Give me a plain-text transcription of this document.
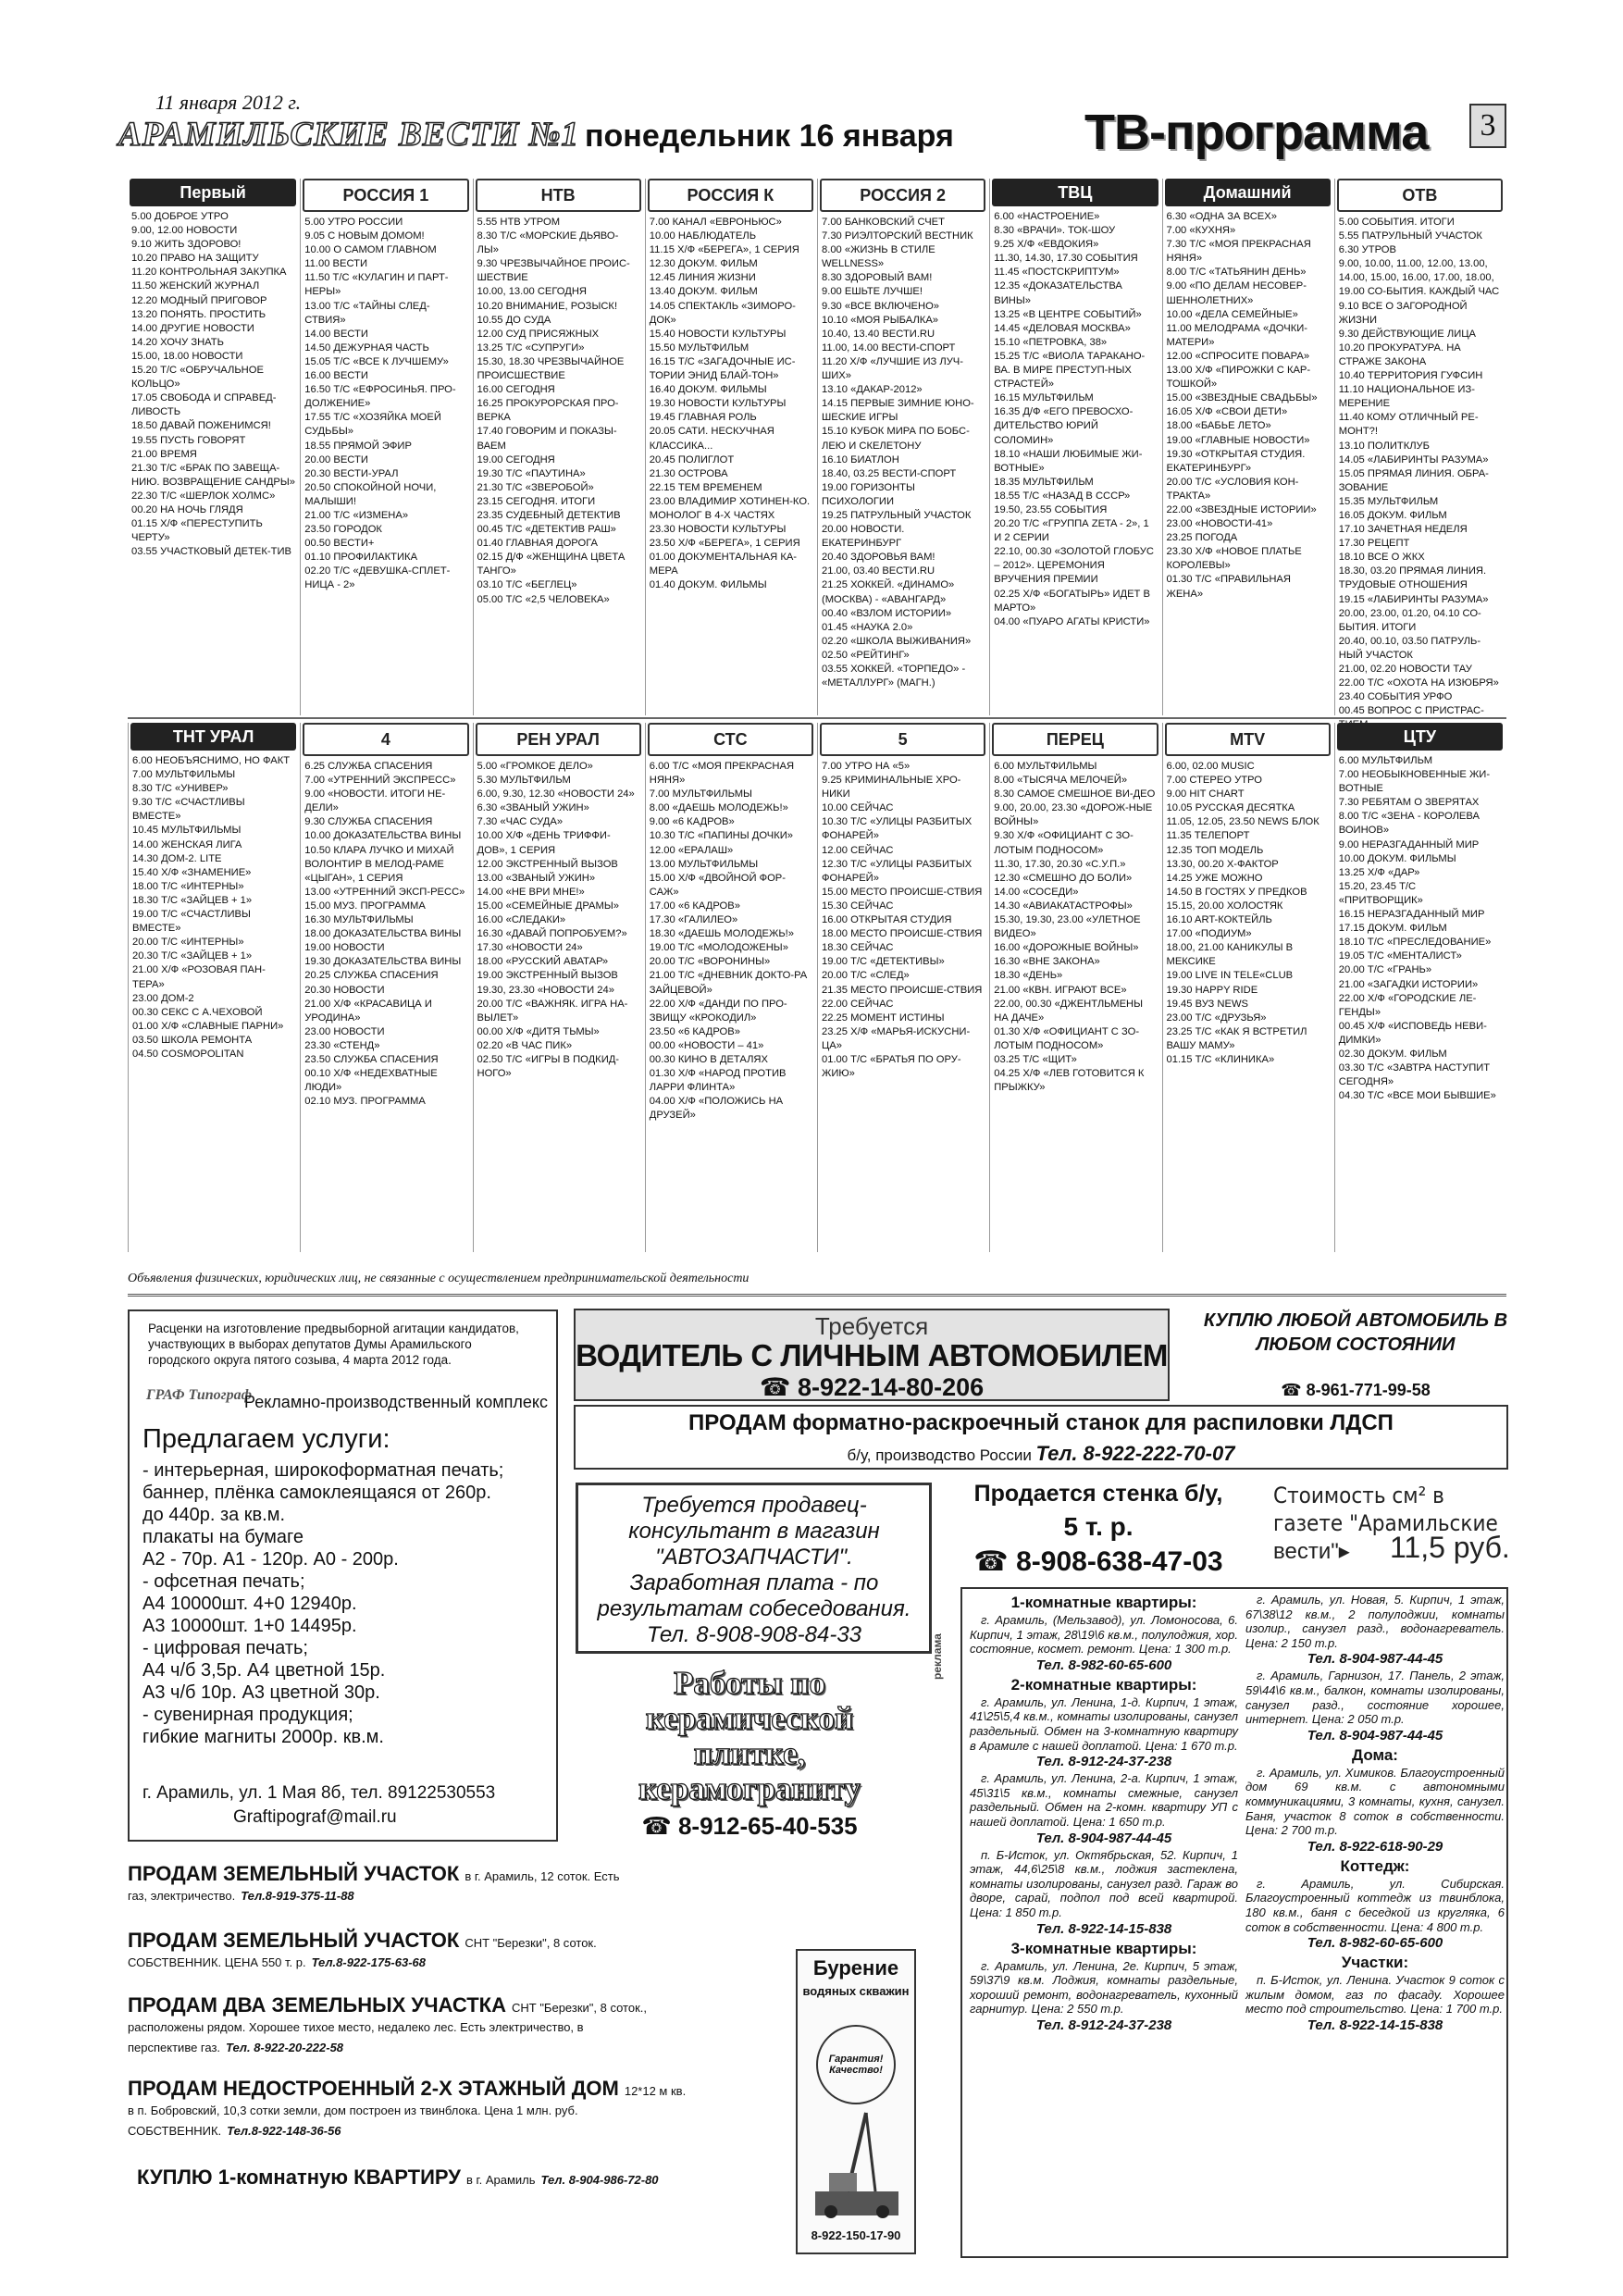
11 января 2012 г.
АРАМИЛЬСКИЕ ВЕСТИ №1 понедельник 16 января	ТВ-программа	3
Первый
5.00 ДОБРОЕ УТРО
9.00, 12.00 НОВОСТИ
9.10 ЖИТЬ ЗДОРОВО!
10.20 ПРАВО НА ЗАЩИТУ
11.20 КОНТРОЛЬНАЯ ЗАКУПКА
11.50 ЖЕНСКИЙ ЖУРНАЛ
12.20 МОДНЫЙ ПРИГОВОР
13.20 ПОНЯТЬ. ПРОСТИТЬ
14.00 ДРУГИЕ НОВОСТИ
14.20 ХОЧУ ЗНАТЬ
15.00, 18.00 НОВОСТИ
15.20 Т/С «ОБРУЧАЛЬНОЕ КОЛЬЦО»
17.05 СВОБОДА И СПРАВЕД-ЛИВОСТЬ
18.50 ДАВАЙ ПОЖЕНИМСЯ!
19.55 ПУСТЬ ГОВОРЯТ
21.00 ВРЕМЯ
21.30 Т/С «БРАК ПО ЗАВЕЩА-НИЮ. ВОЗВРАЩЕНИЕ САНДРЫ»
22.30 Т/С «ШЕРЛОК ХОЛМС»
00.20 НА НОЧЬ ГЛЯДЯ
01.15 Х/Ф «ПЕРЕСТУПИТЬ ЧЕРТУ»
03.55 УЧАСТКОВЫЙ ДЕТЕК-ТИВ
РОССИЯ 1
5.00 УТРО РОССИИ
9.05 С НОВЫМ ДОМОМ!
10.00 О САМОМ ГЛАВНОМ
11.00 ВЕСТИ
11.50 Т/С «КУЛАГИН И ПАРТ-НЕРЫ»
13.00 Т/С «ТАЙНЫ СЛЕД-СТВИЯ»
14.00 ВЕСТИ
14.50 ДЕЖУРНАЯ ЧАСТЬ
15.05 Т/С «ВСЕ К ЛУЧШЕМУ»
16.00 ВЕСТИ
16.50 Т/С «ЕФРОСИНЬЯ. ПРО-ДОЛЖЕНИЕ»
17.55 Т/С «ХОЗЯЙКА МОЕЙ СУДЬБЫ»
18.55 ПРЯМОЙ ЭФИР
20.00 ВЕСТИ
20.30 ВЕСТИ-УРАЛ
20.50 СПОКОЙНОЙ НОЧИ, МАЛЫШИ!
21.00 Т/С «ИЗМЕНА»
23.50 ГОРОДОК
00.50 ВЕСТИ+
01.10 ПРОФИЛАКТИКА
02.20 Т/С «ДЕВУШКА-СПЛЕТ-НИЦА - 2»
НТВ
5.55 НТВ УТРОМ
8.30 Т/С «МОРСКИЕ ДЬЯВО-ЛЫ»
9.30 ЧРЕЗВЫЧАЙНОЕ ПРОИС-ШЕСТВИЕ
10.00, 13.00 СЕГОДНЯ
10.20 ВНИМАНИЕ, РОЗЫСК!
10.55 ДО СУДА
12.00 СУД ПРИСЯЖНЫХ
13.25 Т/С «СУПРУГИ»
15.30, 18.30 ЧРЕЗВЫЧАЙНОЕ ПРОИСШЕСТВИЕ
16.00 СЕГОДНЯ
16.25 ПРОКУРОРСКАЯ ПРО-ВЕРКА
17.40 ГОВОРИМ И ПОКАЗЫ-ВАЕМ
19.00 СЕГОДНЯ
19.30 Т/С «ПАУТИНА»
21.30 Т/С «ЗВЕРОБОЙ»
23.15 СЕГОДНЯ. ИТОГИ
23.35 СУДЕБНЫЙ ДЕТЕКТИВ
00.45 Т/С «ДЕТЕКТИВ РАШ»
01.40 ГЛАВНАЯ ДОРОГА
02.15 Д/Ф «ЖЕНЩИНА ЦВЕТА ТАНГО»
03.10 Т/С «БЕГЛЕЦ»
05.00 Т/С «2,5 ЧЕЛОВЕКА»
РОССИЯ К
7.00 КАНАЛ «ЕВРОНЬЮС»
10.00 НАБЛЮДАТЕЛЬ
11.15 Х/Ф «БЕРЕГА», 1 СЕРИЯ
12.30 ДОКУМ. ФИЛЬМ
12.45 ЛИНИЯ ЖИЗНИ
13.40 ДОКУМ. ФИЛЬМ
14.05 СПЕКТАКЛЬ «ЗИМОРО-ДОК»
15.40 НОВОСТИ КУЛЬТУРЫ
15.50 МУЛЬТФИЛЬМ
16.15 Т/С «ЗАГАДОЧНЫЕ ИС-ТОРИИ ЭНИД БЛАЙ-ТОН»
16.40 ДОКУМ. ФИЛЬМЫ
19.30 НОВОСТИ КУЛЬТУРЫ
19.45 ГЛАВНАЯ РОЛЬ
20.05 САТИ. НЕСКУЧНАЯ КЛАССИКА...
20.45 ПОЛИГЛОТ
21.30 ОСТРОВА
22.15 ТЕМ ВРЕМЕНЕМ
23.00 ВЛАДИМИР ХОТИНЕН-КО. МОНОЛОГ В 4-Х ЧАСТЯХ
23.30 НОВОСТИ КУЛЬТУРЫ
23.50 Х/Ф «БЕРЕГА», 1 СЕРИЯ
01.00 ДОКУМЕНТАЛЬНАЯ КА-МЕРА
01.40 ДОКУМ. ФИЛЬМЫ
РОССИЯ 2
7.00 БАНКОВСКИЙ СЧЕТ
7.30 РИЭЛТОРСКИЙ ВЕСТНИК
8.00 «ЖИЗНЬ В СТИЛЕ WELLNESS»
8.30 ЗДОРОВЫЙ ВАМ!
9.00 ЕШЬТЕ ЛУЧШЕ!
9.30 «ВСЕ ВКЛЮЧЕНО»
10.10 «МОЯ РЫБАЛКА»
10.40, 13.40 ВЕСТИ.RU
11.00, 14.00 ВЕСТИ-СПОРТ
11.20 Х/Ф «ЛУЧШИЕ ИЗ ЛУЧ-ШИХ»
13.10 «ДАКАР-2012»
14.15 ПЕРВЫЕ ЗИМНИЕ ЮНО-ШЕСКИЕ ИГРЫ
15.10 КУБОК МИРА ПО БОБС-ЛЕЮ И СКЕЛЕТОНУ
16.10 БИАТЛОН
18.40, 03.25 ВЕСТИ-СПОРТ
19.00 ГОРИЗОНТЫ ПСИХОЛОГИИ
19.25 ПАТРУЛЬНЫЙ УЧАСТОК
20.00 НОВОСТИ. ЕКАТЕРИНБУРГ
20.40 ЗДОРОВЬЯ ВАМ!
21.00, 03.40 ВЕСТИ.RU
21.25 ХОККЕЙ. «ДИНАМО» (МОСКВА) - «АВАНГАРД»
00.40 «ВЗЛОМ ИСТОРИИ»
01.45 «НАУКА 2.0»
02.20 «ШКОЛА ВЫЖИВАНИЯ»
02.50 «РЕЙТИНГ»
03.55 ХОККЕЙ. «ТОРПЕДО» - «МЕТАЛЛУРГ» (МАГН.)
ТВЦ
6.00 «НАСТРОЕНИЕ»
8.30 «ВРАЧИ». ТОК-ШОУ
9.25 Х/Ф «ЕВДОКИЯ»
11.30, 14.30, 17.30 СОБЫТИЯ
11.45 «ПОСТСКРИПТУМ»
12.35 «ДОКАЗАТЕЛЬСТВА ВИНЫ»
13.25 «В ЦЕНТРЕ СОБЫТИЙ»
14.45 «ДЕЛОВАЯ МОСКВА»
15.10 «ПЕТРОВКА, 38»
15.25 Т/С «ВИОЛА ТАРАКАНО-ВА. В МИРЕ ПРЕСТУП-НЫХ СТРАСТЕЙ»
16.15 МУЛЬТФИЛЬМ
16.35 Д/Ф «ЕГО ПРЕВОСХО-ДИТЕЛЬСТВО ЮРИЙ СОЛОМИН»
18.10 «НАШИ ЛЮБИМЫЕ ЖИ-ВОТНЫЕ»
18.35 МУЛЬТФИЛЬМ
18.55 Т/С «НАЗАД В СССР»
19.50, 23.55 СОБЫТИЯ
20.20 Т/С «ГРУППА ZETA - 2», 1 И 2 СЕРИИ
22.10, 00.30 «ЗОЛОТОЙ ГЛОБУС – 2012». ЦЕРЕМОНИЯ ВРУЧЕНИЯ ПРЕМИИ
02.25 Х/Ф «БОГАТЫРЬ» ИДЕТ В МАРТО»
04.00 «ПУАРО АГАТЫ КРИСТИ»
Домашний
6.30 «ОДНА ЗА ВСЕХ»
7.00 «КУХНЯ»
7.30 Т/С «МОЯ ПРЕКРАСНАЯ НЯНЯ»
8.00 Т/С «ТАТЬЯНИН ДЕНЬ»
9.00 «ПО ДЕЛАМ НЕСОВЕР-ШЕННОЛЕТНИХ»
10.00 «ДЕЛА СЕМЕЙНЫЕ»
11.00 МЕЛОДРАМА «ДОЧКИ-МАТЕРИ»
12.00 «СПРОСИТЕ ПОВАРА»
13.00 Х/Ф «ПИРОЖКИ С КАР-ТОШКОЙ»
15.00 «ЗВЕЗДНЫЕ СВАДЬБЫ»
16.05 Х/Ф «СВОИ ДЕТИ»
18.00 «БАБЬЕ ЛЕТО»
19.00 «ГЛАВНЫЕ НОВОСТИ»
19.30 «ОТКРЫТАЯ СТУДИЯ. ЕКАТЕРИНБУРГ»
20.00 Т/С «УСЛОВИЯ КОН-ТРАКТА»
22.00 «ЗВЕЗДНЫЕ ИСТОРИИ»
23.00 «НОВОСТИ-41»
23.25 ПОГОДА
23.30 Х/Ф «НОВОЕ ПЛАТЬЕ КОРОЛЕВЫ»
01.30 Т/С «ПРАВИЛЬНАЯ ЖЕНА»
ОТВ
5.00 СОБЫТИЯ. ИТОГИ
5.55 ПАТРУЛЬНЫЙ УЧАСТОК
6.30 УТРОВ
9.00, 10.00, 11.00, 12.00, 13.00, 14.00, 15.00, 16.00, 17.00, 18.00, 19.00 СО-БЫТИЯ. КАЖДЫЙ ЧАС
9.10 ВСЕ О ЗАГОРОДНОЙ ЖИЗНИ
9.30 ДЕЙСТВУЮЩИЕ ЛИЦА
10.20 ПРОКУРАТУРА. НА СТРАЖЕ ЗАКОНА
10.40 ТЕРРИТОРИЯ ГУФСИН
11.10 НАЦИОНАЛЬНОЕ ИЗ-МЕРЕНИЕ
11.40 КОМУ ОТЛИЧНЫЙ РЕ-МОНТ?!
13.10 ПОЛИТКЛУБ
14.05 «ЛАБИРИНТЫ РАЗУМА»
15.05 ПРЯМАЯ ЛИНИЯ. ОБРА-ЗОВАНИЕ
15.35 МУЛЬТФИЛЬМ
16.05 ДОКУМ. ФИЛЬМ
17.10 ЗАЧЕТНАЯ НЕДЕЛЯ
17.30 РЕЦЕПТ
18.10 ВСЕ О ЖКХ
18.30, 03.20 ПРЯМАЯ ЛИНИЯ. ТРУДОВЫЕ ОТНОШЕНИЯ
19.15 «ЛАБИРИНТЫ РАЗУМА»
20.00, 23.00, 01.20, 04.10 СО-БЫТИЯ. ИТОГИ
20.40, 00.10, 03.50 ПАТРУЛЬ-НЫЙ УЧАСТОК
21.00, 02.20 НОВОСТИ ТАУ
22.00 Т/С «ОХОТА НА ИЗЮБРЯ»
23.40 СОБЫТИЯ УРФО
00.45 ВОПРОС С ПРИСТРАС-
ТНТ УРАЛ
6.00 НЕОБЪЯСНИМО, НО ФАКТ
7.00 МУЛЬТФИЛЬМЫ
8.30 Т/С «УНИВЕР»
9.30 Т/С «СЧАСТЛИВЫ ВМЕСТЕ»
10.45 МУЛЬТФИЛЬМЫ
14.00 ЖЕНСКАЯ ЛИГА
14.30 ДОМ-2. LITE
15.40 Х/Ф «ЗНАМЕНИЕ»
18.00 Т/С «ИНТЕРНЫ»
18.30 Т/С «ЗАЙЦЕВ + 1»
19.00 Т/С «СЧАСТЛИВЫ ВМЕСТЕ»
20.00 Т/С «ИНТЕРНЫ»
20.30 Т/С «ЗАЙЦЕВ + 1»
21.00 Х/Ф «РОЗОВАЯ ПАН-ТЕРА»
23.00 ДОМ-2
00.30 СЕКС С А.ЧЕХОВОЙ
01.00 Х/Ф «СЛАВНЫЕ ПАРНИ»
03.50 ШКОЛА РЕМОНТА
04.50 COSMOPOLITAN
4
6.25 СЛУЖБА СПАСЕНИЯ
7.00 «УТРЕННИЙ ЭКСПРЕСС»
9.00 «НОВОСТИ. ИТОГИ НЕ-ДЕЛИ»
9.30 СЛУЖБА СПАСЕНИЯ
10.00 ДОКАЗАТЕЛЬСТВА ВИНЫ
10.50 КЛАРА ЛУЧКО И МИХАЙ ВОЛОНТИР В МЕЛОД-РАМЕ «ЦЫГАН», 1 СЕРИЯ
13.00 «УТРЕННИЙ ЭКСП-РЕСС»
15.00 МУЗ. ПРОГРАММА
16.30 МУЛЬТФИЛЬМЫ
18.00 ДОКАЗАТЕЛЬСТВА ВИНЫ
19.00 НОВОСТИ
19.30 ДОКАЗАТЕЛЬСТВА ВИНЫ
20.25 СЛУЖБА СПАСЕНИЯ
20.30 НОВОСТИ
21.00 Х/Ф «КРАСАВИЦА И УРОДИНА»
23.00 НОВОСТИ
23.30 «СТЕНД»
23.50 СЛУЖБА СПАСЕНИЯ
00.10 Х/Ф «НЕДЕХВАТНЫЕ ЛЮДИ»
02.10 МУЗ. ПРОГРАММА
РЕН УРАЛ
5.00 «ГРОМКОЕ ДЕЛО»
5.30 МУЛЬТФИЛЬМ
6.00, 9.30, 12.30 «НОВОСТИ 24»
6.30 «ЗВАНЫЙ УЖИН»
7.30 «ЧАС СУДА»
10.00 Х/Ф «ДЕНЬ ТРИФФИ-ДОВ», 1 СЕРИЯ
12.00 ЭКСТРЕННЫЙ ВЫЗОВ
13.00 «ЗВАНЫЙ УЖИН»
14.00 «НЕ ВРИ МНЕ!»
15.00 «СЕМЕЙНЫЕ ДРАМЫ»
16.00 «СЛЕДАКИ»
16.30 «ДАВАЙ ПОПРОБУЕМ?»
17.30 «НОВОСТИ 24»
18.00 «РУССКИЙ АВАТАР»
19.00 ЭКСТРЕННЫЙ ВЫЗОВ
19.30, 23.30 «НОВОСТИ 24»
20.00 Т/С «ВАЖНЯК. ИГРА НА-ВЫЛЕТ»
00.00 Х/Ф «ДИТЯ ТЬМЫ»
02.20 «В ЧАС ПИК»
02.50 Т/С «ИГРЫ В ПОДКИД-НОГО»
СТС
6.00 Т/С «МОЯ ПРЕКРАСНАЯ НЯНЯ»
7.00 МУЛЬТФИЛЬМЫ
8.00 «ДАЕШЬ МОЛОДЕЖЬ!»
9.00 «6 КАДРОВ»
10.30 Т/С «ПАПИНЫ ДОЧКИ»
12.00 «ЕРАЛАШ»
13.00 МУЛЬТФИЛЬМЫ
15.00 Х/Ф «ДВОЙНОЙ ФОР-САЖ»
17.00 «6 КАДРОВ»
17.30 «ГАЛИЛЕО»
18.30 «ДАЕШЬ МОЛОДЕЖЬ!»
19.00 Т/С «МОЛОДОЖЕНЫ»
20.00 Т/С «ВОРОНИНЫ»
21.00 Т/С «ДНЕВНИК ДОКТО-РА ЗАЙЦЕВОЙ»
22.00 Х/Ф «ДАНДИ ПО ПРО-ЗВИЩУ «КРОКОДИЛ»
23.50 «6 КАДРОВ»
00.00 «НОВОСТИ – 41»
00.30 КИНО В ДЕТАЛЯХ
01.30 Х/Ф «НАРОД ПРОТИВ ЛАРРИ ФЛИНТА»
04.00 Х/Ф «ПОЛОЖИСЬ НА ДРУЗЕЙ»
5
7.00 УТРО НА «5»
9.25 КРИМИНАЛЬНЫЕ ХРО-НИКИ
10.00 СЕЙЧАС
10.30 Т/С «УЛИЦЫ РАЗБИТЫХ ФОНАРЕЙ»
12.00 СЕЙЧАС
12.30 Т/С «УЛИЦЫ РАЗБИТЫХ ФОНАРЕЙ»
15.00 МЕСТО ПРОИСШЕ-СТВИЯ
15.30 СЕЙЧАС
16.00 ОТКРЫТАЯ СТУДИЯ
18.00 МЕСТО ПРОИСШЕ-СТВИЯ
18.30 СЕЙЧАС
19.00 Т/С «ДЕТЕКТИВЫ»
20.00 Т/С «СЛЕД»
21.35 МЕСТО ПРОИСШЕ-СТВИЯ
22.00 СЕЙЧАС
22.25 МОМЕНТ ИСТИНЫ
23.25 Х/Ф «МАРЬЯ-ИСКУСНИ-ЦА»
01.00 Т/С «БРАТЬЯ ПО ОРУ-ЖИЮ»
ПЕРЕЦ
6.00 МУЛЬТФИЛЬМЫ
8.00 «ТЫСЯЧА МЕЛОЧЕЙ»
8.30 САМОЕ СМЕШНОЕ ВИ-ДЕО
9.00, 20.00, 23.30 «ДОРОЖ-НЫЕ ВОЙНЫ»
9.30 Х/Ф «ОФИЦИАНТ С ЗО-ЛОТЫМ ПОДНОСОМ»
11.30, 17.30, 20.30 «С.У.П.»
12.30 «СМЕШНО ДО БОЛИ»
14.00 «СОСЕДИ»
14.30 «АВИАКАТАСТРОФЫ»
15.30, 19.30, 23.00 «УЛЕТНОЕ ВИДЕО»
16.00 «ДОРОЖНЫЕ ВОЙНЫ»
16.30 «ВНЕ ЗАКОНА»
18.30 «ДЕНЬ»
21.00 «КВН. ИГРАЮТ ВСЕ»
22.00, 00.30 «ДЖЕНТЛЬМЕНЫ НА ДАЧЕ»
01.30 Х/Ф «ОФИЦИАНТ С ЗО-ЛОТЫМ ПОДНОСОМ»
03.25 Т/С «ЩИТ»
04.25 Х/Ф «ЛЕВ ГОТОВИТСЯ К ПРЫЖКУ»
MTV
6.00, 02.00 MUSIC
7.00 СТЕРЕО УТРО
9.00 HIT CHART
10.05 РУССКАЯ ДЕСЯТКА
11.05, 12.05, 23.50 NEWS БЛОК
11.35 ТЕЛЕПОРТ
12.35 ТОП МОДЕЛЬ
13.30, 00.20 Х-ФАКТОР
14.25 УЖЕ МОЖНО
14.50 В ГОСТЯХ У ПРЕДКОВ
15.15, 20.00 ХОЛОСТЯК
16.10 ART-КОКТЕЙЛЬ
17.00 «ПОДИУМ»
18.00, 21.00 КАНИКУЛЫ В МЕКСИКЕ
19.00 LIVE IN TELE«CLUB
19.30 HAPPY RIDE
19.45 ВУЗ NEWS
23.00 Т/С «ДРУЗЬЯ»
23.25 Т/С «КАК Я ВСТРЕТИЛ ВАШУ МАМУ»
01.15 Т/С «КЛИНИКА»
ЦТУ
6.00 МУЛЬТФИЛЬМ
7.00 НЕОБЫКНОВЕННЫЕ ЖИ-ВОТНЫЕ
7.30 РЕБЯТАМ О ЗВЕРЯТАХ
8.00 Т/С «ЗЕНА - КОРОЛЕВА ВОИНОВ»
9.00 НЕРАЗГАДАННЫЙ МИР
10.00 ДОКУМ. ФИЛЬМЫ
13.25 Х/Ф «ДАР»
15.20, 23.45 Т/С «ПРИТВОРЩИК»
16.15 НЕРАЗГАДАННЫЙ МИР
17.15 ДОКУМ. ФИЛЬМ
18.10 Т/С «ПРЕСЛЕДОВАНИЕ»
19.05 Т/С «МЕНТАЛИСТ»
20.00 Т/С «ГРАНЬ»
21.00 «ЗАГАДКИ ИСТОРИИ»
22.00 Х/Ф «ГОРОДСКИЕ ЛЕ-ГЕНДЫ»
00.45 Х/Ф «ИСПОВЕДЬ НЕВИ-ДИМКИ»
02.30 ДОКУМ. ФИЛЬМ
03.30 Т/С «ЗАВТРА НАСТУПИТ СЕГОДНЯ»
04.30 Т/С «ВСЕ МОИ БЫВШИЕ»
Объявления физических, юридических лиц, не связанные с осуществлением предпринимательской деятельности
Расценки на изготовление предвыборной агитации кандидатов, участвующих в выборах депутатов Думы Арамильского городского округа пятого созыва, 4 марта 2012 года.
ГРАФ Типограф
Рекламно-производственный комплекс
Предлагаем услуги:
- интерьерная, широкоформатная печать;
баннер, плёнка самоклеящаяся от 260р.
до 440р. за кв.м.
плакаты на бумаге
А2 - 70р. А1 - 120р. А0 - 200р.
- офсетная печать;
А4 10000шт. 4+0 12940р.
А3 10000шт. 1+0 14495р.
- цифровая печать;
А4 ч/б 3,5р. А4 цветной 15р.
А3 ч/б 10р. А3 цветной 30р.
- сувенирная продукция;
гибкие магниты 2000р. кв.м.
г. Арамиль, ул. 1 Мая 8б, тел. 89122530553
Graftipograf@mail.ru
Требуется
ВОДИТЕЛЬ С ЛИЧНЫМ АВТОМОБИЛЕМ
☎ 8-922-14-80-206
КУПЛЮ ЛЮБОЙ АВТОМОБИЛЬ В ЛЮБОМ СОСТОЯНИИ
☎ 8-961-771-99-58
ПРОДАМ форматно-раскроечный станок для распиловки ЛДСП
б/у, производство России Тел. 8-922-222-70-07
Требуется продавец-
консультант в магазин
"АВТОЗАПЧАСТИ".
Заработная плата - по
результатам собеседования.
Тел. 8-908-908-84-33
Продается стенка б/у,
5 т. р.
☎ 8-908-638-47-03
Стоимость см² в
газете "Арамильские
вести"▸ 11,5 руб.
Работы по
керамической
плитке,
керамограниту
☎ 8-912-65-40-535
реклама
1-комнатные квартиры:
г. Арамиль, (Мельзавод), ул. Ломоносова, 6. Кирпич, 1 этаж, 28\19\6 кв.м., полулоджия, хор. состояние, космет. ремонт. Цена: 1 300 т.р.
Тел. 8-982-60-65-600
2-комнатные квартиры:
г. Арамиль, ул. Ленина, 1-д. Кирпич, 1 этаж, 41\25\5,4 кв.м., комнаты изолированы, санузел раздельный. Обмен на 3-комнатную квартиру в Арамиле с нашей доплатой. Цена: 1 670 т.р.
Тел. 8-912-24-37-238
г. Арамиль, ул. Ленина, 2-а. Кирпич, 1 этаж, 45\31\5 кв.м., комнаты смежные, санузел раздельный. Обмен на 2-комн. квартиру УП с нашей доплатой. Цена: 1 650 т.р.
Тел. 8-904-987-44-45
п. Б-Исток, ул. Октябрьская, 52. Кирпич, 1 этаж, 44,6\25\8 кв.м., лоджия застеклена, комнаты изолированы, санузел разд. Гараж во дворе, сарай, подпол под всей квартирой. Цена: 1 850 т.р.
Тел. 8-922-14-15-838
3-комнатные квартиры:
г. Арамиль, ул. Ленина, 2е. Кирпич, 5 этаж, 59\37\9 кв.м. Лоджия, комнаты раздельные, хороший ремонт, водонагреватель, кухонный гарнитур. Цена: 2 550 т.р.
Тел. 8-912-24-37-238
г. Арамиль, ул. Новая, 5. Кирпич, 1 этаж, 67\38\12 кв.м., 2 полулоджии, комнаты изолир., санузел разд., водонагреватель. Цена: 2 150 т.р.
Тел. 8-904-987-44-45
г. Арамиль, Гарнизон, 17. Панель, 2 этаж, 59\44\6 кв.м., балкон, комнаты изолированы, санузел разд., состояние хорошее, интернет. Цена: 2 050 т.р.
Тел. 8-904-987-44-45
Дома:
г. Арамиль, ул. Химиков. Благоустроенный дом 69 кв.м. с автономными коммуникациями, 3 комнаты, кухня, санузел. Баня, участок 8 соток в собственности. Цена: 2 700 т.р.
Тел. 8-922-618-90-29
Коттедж:
г. Арамиль, ул. Сибирская. Благоустроенный коттедж из твинблока, 180 кв.м., баня с беседкой из кругляка, 6 соток в собственности. Цена: 4 800 т.р.
Тел. 8-982-60-65-600
Участки:
п. Б-Исток, ул. Ленина. Участок 9 соток с жилым домом, газ по фасаду. Хорошее место под строительство. Цена: 1 700 т.р.
Тел. 8-922-14-15-838
Бурение
водяных скважин
Гарантия! Качество!
8-922-150-17-90
ПРОДАМ ЗЕМЕЛЬНЫЙ УЧАСТОК в г. Арамиль, 12 соток. Есть
газ, электричество. Тел.8-919-375-11-88
ПРОДАМ ЗЕМЕЛЬНЫЙ УЧАСТОК СНТ "Березки", 8 соток.
СОБСТВЕННИК. ЦЕНА 550 т. р. Тел.8-922-175-63-68
ПРОДАМ ДВА ЗЕМЕЛЬНЫХ УЧАСТКА СНТ "Березки", 8 соток.,
расположены рядом. Хорошее тихое место, недалеко лес. Есть электричество, в
перспективе газ. Тел. 8-922-20-222-58
ПРОДАМ НЕДОСТРОЕННЫЙ 2-Х ЭТАЖНЫЙ ДОМ 12*12 м кв.
в п. Бобровский, 10,3 сотки земли, дом построен из твинблока. Цена 1 млн. руб.
СОБСТВЕННИК. Тел.8-922-148-36-56
КУПЛЮ 1-комнатную КВАРТИРУ в г. Арамиль Тел. 8-904-986-72-80
